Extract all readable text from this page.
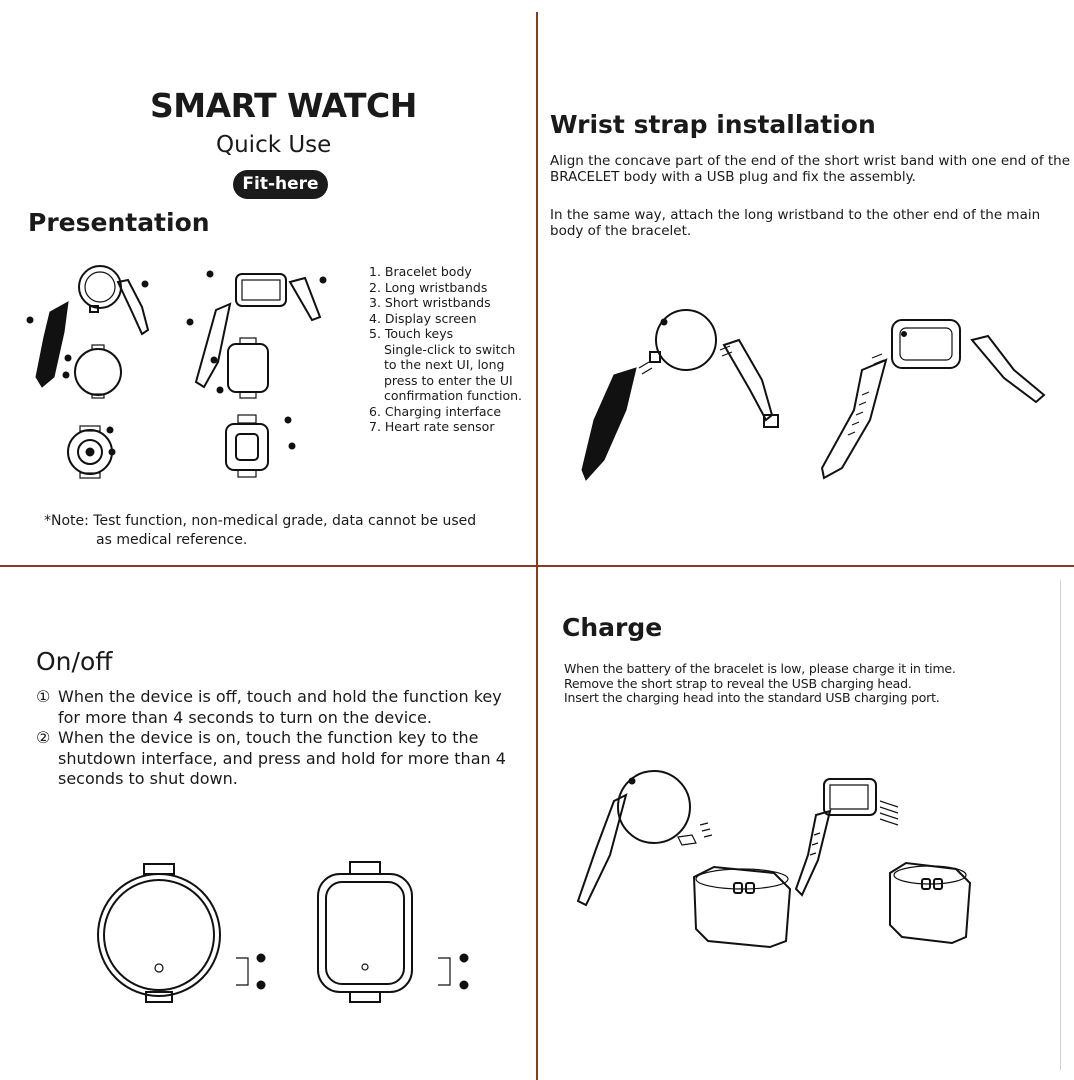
SMART WATCH
Quick Use
Fit-here
Presentation
1. Bracelet body
2. Long wristbands
3. Short wristbands
4. Display screen
5. Touch keys
Single-click to switch
to the next UI, long
press to enter the UI
confirmation function.
6. Charging interface
7. Heart rate sensor
*Note: Test function, non-medical grade, data cannot be used
as medical reference.
Wrist strap installation

Align the concave part of the end of the short wrist band with one end of the BRACELET body with a USB plug and fix the assembly.

In the same way, attach the long wristband to the other end of the main body of the bracelet.

On/off
① When the device is off, touch and hold the function key for more than 4 seconds to turn on the device.
② When the device is on, touch the function key to the shutdown interface, and press and hold for more than 4 seconds to shut down.
Charge
When the battery of the bracelet is low, please charge it in time.
Remove the short strap to reveal the USB charging head.
Insert the charging head into the standard USB charging port.
